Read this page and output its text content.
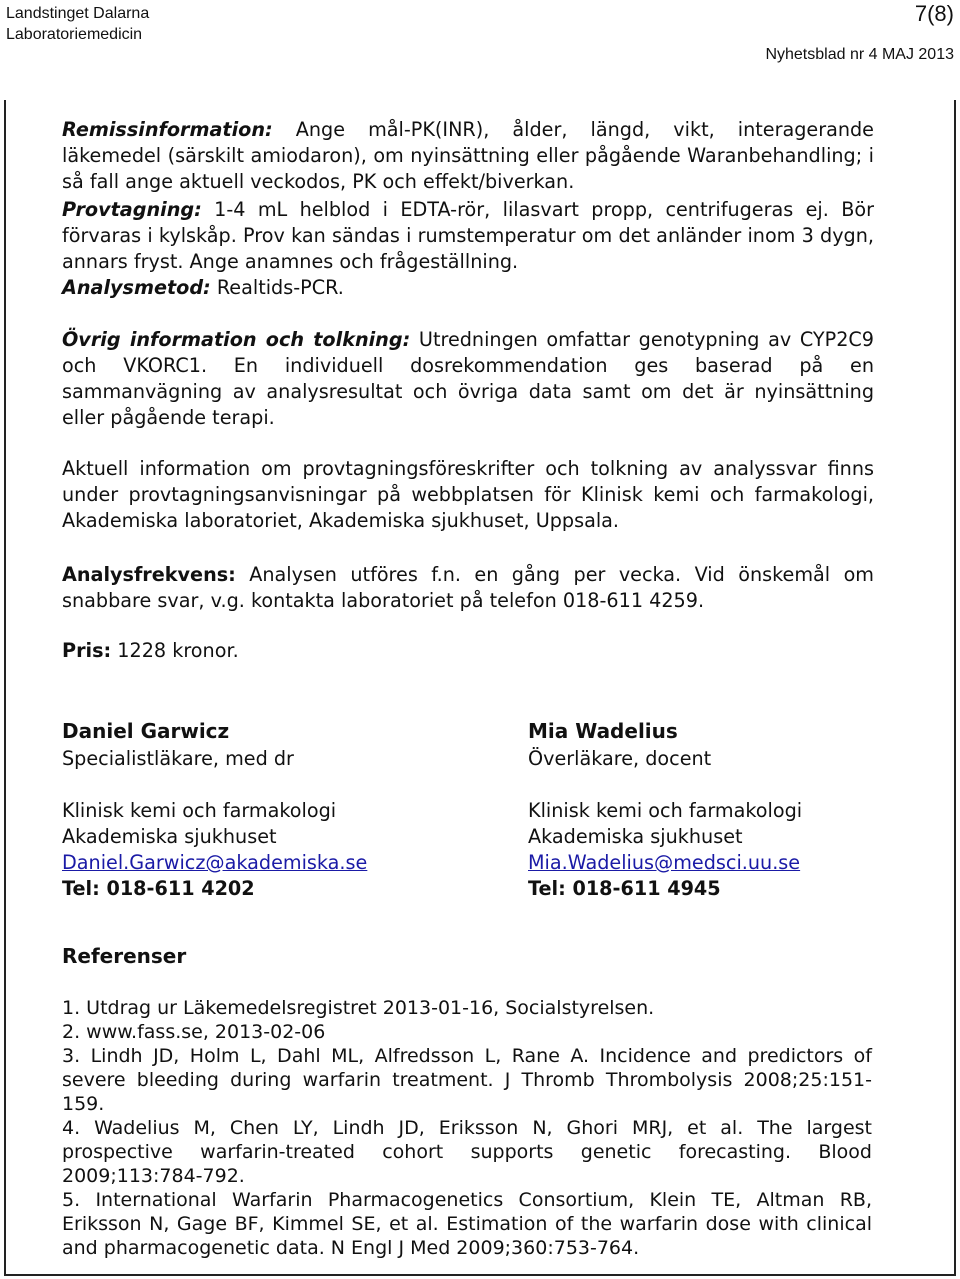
Landstinget Dalarna
Laboratoriemedicin
7(8)
Nyhetsblad nr 4 MAJ 2013

Remissinformation: Ange mål-PK(INR), ålder, längd, vikt, interagerande läkemedel (särskilt amiodaron), om nyinsättning eller pågående Waranbehandling; i så fall ange aktuell veckodos, PK och effekt/biverkan.

Provtagning: 1-4 mL helblod i EDTA-rör, lilasvart propp, centrifugeras ej. Bör förvaras i kylskåp. Prov kan sändas i rumstemperatur om det anländer inom 3 dygn, annars fryst. Ange anamnes och frågeställning.

Analysmetod: Realtids-PCR.

Övrig information och tolkning: Utredningen omfattar genotypning av CYP2C9 och VKORC1. En individuell dosrekommendation ges baserad på en sammanvägning av analysresultat och övriga data samt om det är nyinsättning eller pågående terapi.

Aktuell information om provtagningsföreskrifter och tolkning av analyssvar finns under provtagningsanvisningar på webbplatsen för Klinisk kemi och farmakologi, Akademiska laboratoriet, Akademiska sjukhuset, Uppsala.

Analysfrekvens: Analysen utföres f.n. en gång per vecka. Vid önskemål om snabbare svar, v.g. kontakta laboratoriet på telefon 018-611 4259.

Pris: 1228 kronor.

Daniel Garwicz
Specialistläkare, med dr
Klinisk kemi och farmakologi
Akademiska sjukhuset
Daniel.Garwicz@akademiska.se
Tel: 018-611 4202
Mia Wadelius
Överläkare, docent
Klinisk kemi och farmakologi
Akademiska sjukhuset
Mia.Wadelius@medsci.uu.se
Tel: 018-611 4945
Referenser
1. Utdrag ur Läkemedelsregistret 2013-01-16, Socialstyrelsen.
2. www.fass.se, 2013-02-06
3. Lindh JD, Holm L, Dahl ML, Alfredsson L, Rane A. Incidence and predictors of severe bleeding during warfarin treatment. J Thromb Thrombolysis 2008;25:151-159.
4. Wadelius M, Chen LY, Lindh JD, Eriksson N, Ghori MRJ, et al. The largest prospective warfarin-treated cohort supports genetic forecasting. Blood 2009;113:784-792.
5. International Warfarin Pharmacogenetics Consortium, Klein TE, Altman RB, Eriksson N, Gage BF, Kimmel SE, et al. Estimation of the warfarin dose with clinical and pharmacogenetic data. N Engl J Med 2009;360:753-764.
